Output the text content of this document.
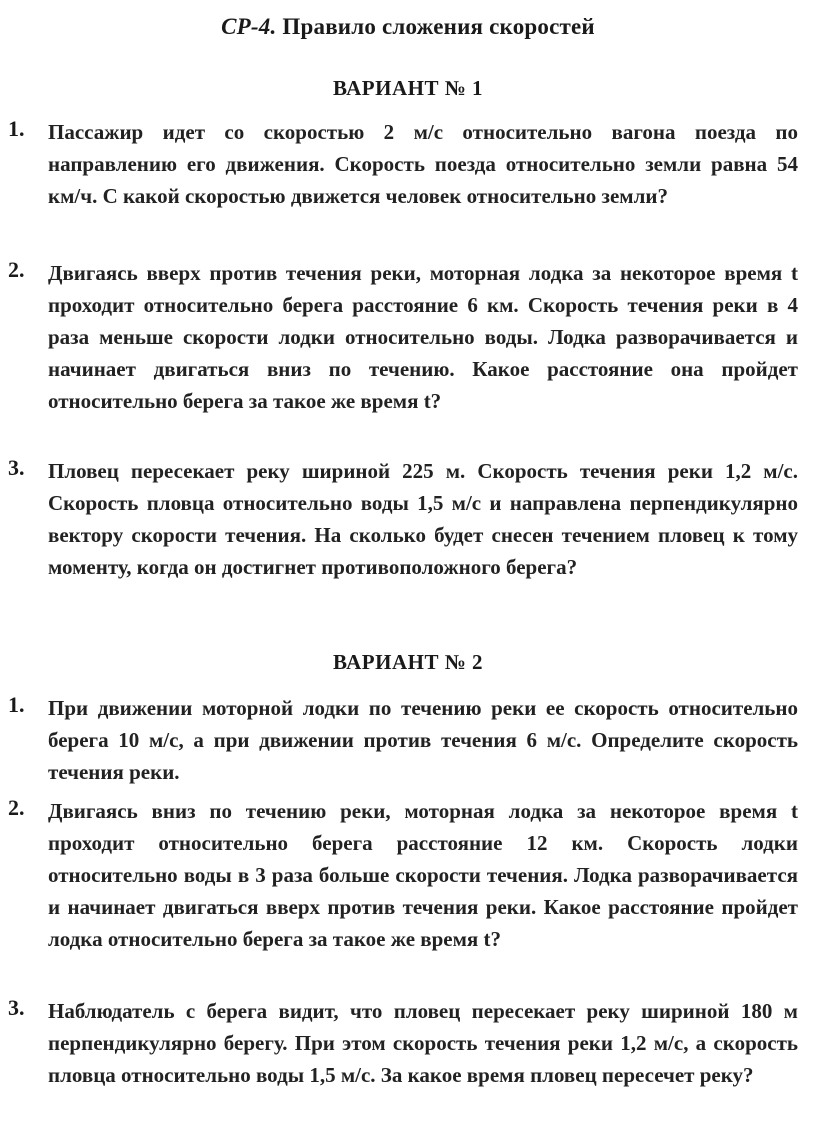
СР-4. Правило сложения скоростей
ВАРИАНТ № 1
1. Пассажир идет со скоростью 2 м/с относительно вагона поезда по направлению его движения. Скорость поезда относительно земли равна 54 км/ч. С какой скоростью движется человек относительно земли?
2. Двигаясь вверх против течения реки, моторная лодка за некоторое время t проходит относительно берега расстояние 6 км. Скорость течения реки в 4 раза меньше скорости лодки относительно воды. Лодка разворачивается и начинает двигаться вниз по течению. Какое расстояние она пройдет относительно берега за такое же время t?
3. Пловец пересекает реку шириной 225 м. Скорость течения реки 1,2 м/с. Скорость пловца относительно воды 1,5 м/с и направлена перпендикулярно вектору скорости течения. На сколько будет снесен течением пловец к тому моменту, когда он достигнет противоположного берега?
ВАРИАНТ № 2
1. При движении моторной лодки по течению реки ее скорость относительно берега 10 м/с, а при движении против течения 6 м/с. Определите скорость течения реки.
2. Двигаясь вниз по течению реки, моторная лодка за некоторое время t проходит относительно берега расстояние 12 км. Скорость лодки относительно воды в 3 раза больше скорости течения. Лодка разворачивается и начинает двигаться вверх против течения реки. Какое расстояние пройдет лодка относительно берега за такое же время t?
3. Наблюдатель с берега видит, что пловец пересекает реку шириной 180 м перпендикулярно берегу. При этом скорость течения реки 1,2 м/с, а скорость пловца относительно воды 1,5 м/с. За какое время пловец пересечет реку?
